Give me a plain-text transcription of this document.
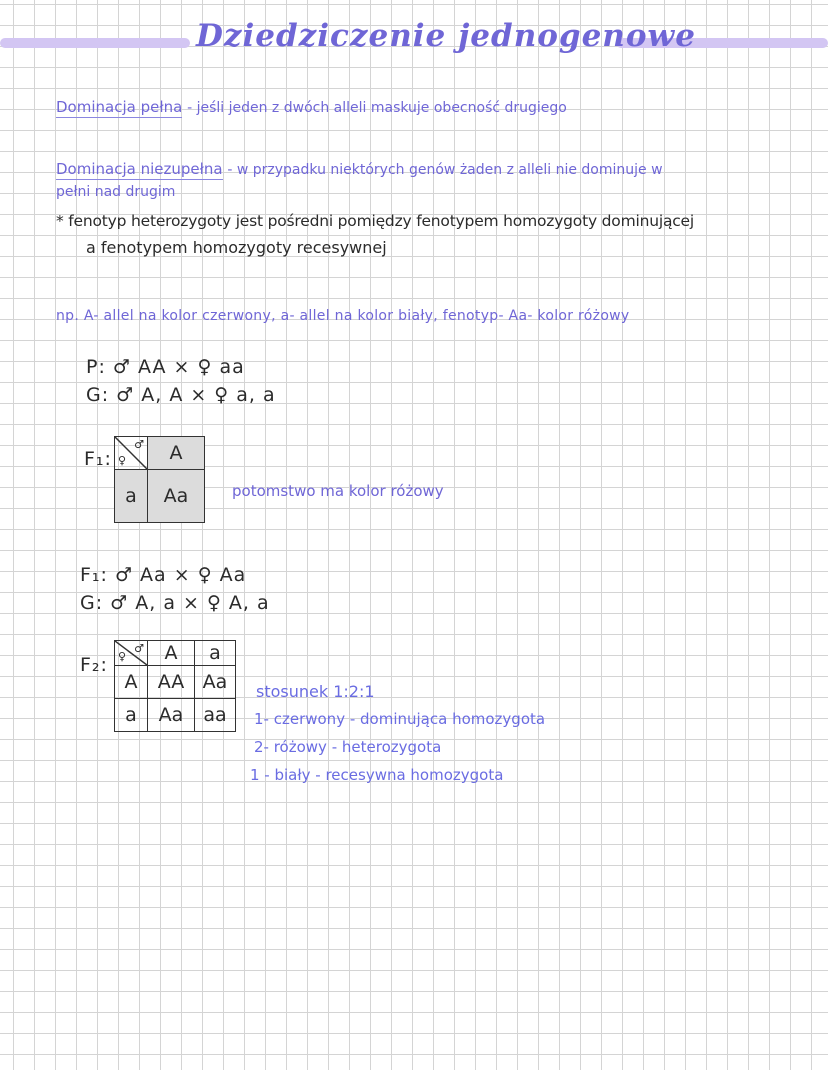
Dziedziczenie jednogenowe
Dominacja pełna - jeśli jeden z dwóch alleli maskuje obecność drugiego
Dominacja niezupełna - w przypadku niektórych genów żaden z alleli nie dominuje w
pełni nad drugim
* fenotyp heterozygoty jest pośredni pomiędzy fenotypem homozygoty dominującej
a fenotypem homozygoty recesywnej
np. A- allel na kolor czerwony, a- allel na kolor biały, fenotyp- Aa- kolor różowy
P: ♂ AA × ♀ aa
G: ♂ A, A × ♀ a, a
F₁: ♀
♂	A
a	Aa	potomstwo ma kolor różowy
F₁: ♂ Aa × ♀ Aa
G: ♂ A, a × ♀ A, a
F₂: ♀
♂	A	a
A	AA	Aa
a	Aa	aa
stosunek 1:2:1
1- czerwony - dominująca homozygota
2- różowy - heterozygota
1 - biały - recesywna homozygota
